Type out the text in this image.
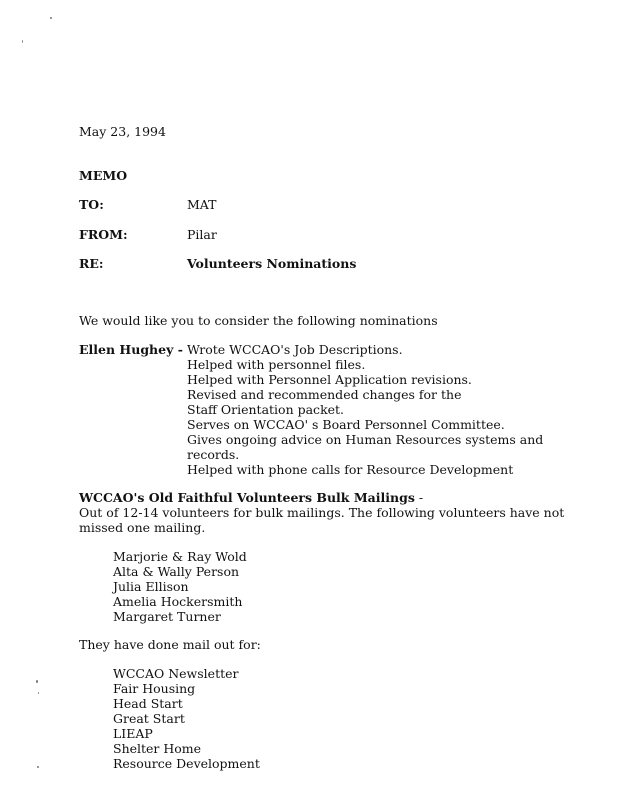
May 23, 1994
MEMO
TO:	MAT
FROM:	Pilar
RE:	Volunteers Nominations
We would like you to consider the following nominations
Ellen Hughey - Wrote WCCAO's Job Descriptions.
Helped with personnel files.
Helped with Personnel Application revisions.
Revised and recommended changes for the
Staff Orientation packet.
Serves on WCCAO' s Board Personnel Committee.
Gives ongoing advice on Human Resources systems and
records.
Helped with phone calls for Resource Development
WCCAO's Old Faithful Volunteers Bulk Mailings -
Out of 12-14 volunteers for bulk mailings. The following volunteers have not
missed one mailing.
Marjorie & Ray Wold
Alta & Wally Person
Julia Ellison
Amelia Hockersmith
Margaret Turner
They have done mail out for:
WCCAO Newsletter
Fair Housing
Head Start
Great Start
LIEAP
Shelter Home
Resource Development
